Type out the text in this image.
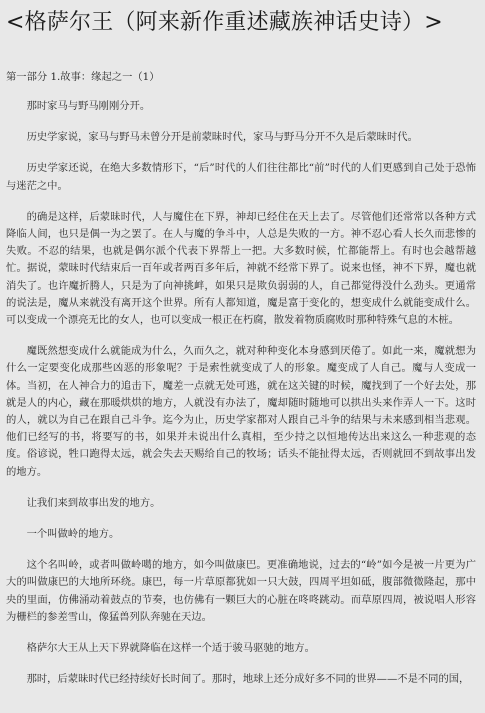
<格萨尔王（阿来新作重述藏族神话史诗）>
第一部分 1.故事：缘起之一（1）

那时家马与野马刚刚分开。

历史学家说，家马与野马未曾分开是前蒙昧时代，家马与野马分开不久是后蒙昧时代。

历史学家还说，在绝大多数情形下，“后”时代的人们往往都比“前”时代的人们更感到自己处于恐怖与迷茫之中。

的确是这样，后蒙昧时代，人与魔住在下界，神却已经住在天上去了。尽管他们还常常以各种方式降临人间，也只是偶一为之罢了。在人与魔的争斗中，人总是失败的一方。神不忍心看人长久而悲惨的失败。不忍的结果，也就是偶尔派个代表下界帮上一把。大多数时候，忙都能帮上。有时也会越帮越忙。据说，蒙昧时代结束后一百年或者两百多年后，神就不经常下界了。说来也怪，神不下界，魔也就消失了。也许魔折腾人，只是为了向神挑衅，如果只是欺负弱弱的人，自己都觉得没什么劲头。更通常的说法是，魔从来就没有离开这个世界。所有人都知道，魔是富于变化的，想变成什么就能变成什么。可以变成一个漂亮无比的女人，也可以变成一根正在朽腐，散发着物质腐败时那种特殊气息的木桩。

魔既然想变成什么就能成为什么，久而久之，就对种种变化本身感到厌倦了。如此一来，魔就想为什么一定要变化成那些凶恶的形象呢？于是索性就变成了人的形象。魔变成了人自己。魔与人变成一体。当初，在人神合力的追击下，魔差一点就无处可逃，就在这关键的时候，魔找到了一个好去处，那就是人的内心，藏在那暖烘烘的地方，人就没有办法了，魔却随时随地可以拱出头来作弄人一下。这时的人，就以为自己在跟自己斗争。迄今为止，历史学家都对人跟自己斗争的结果与未来感到相当悲观。他们已经写的书，将要写的书，如果并未说出什么真相，至少持之以恒地传达出来这么一种悲观的态度。俗谚说，牲口跑得太远，就会失去天赐给自己的牧场；话头不能扯得太远，否则就回不到故事出发的地方。

让我们来到故事出发的地方。

一个叫做岭的地方。

这个名叫岭，或者叫做岭噶的地方，如今叫做康巴。更准确地说，过去的“岭”如今是被一片更为广大的叫做康巴的大地所环绕。康巴，每一片草原都犹如一只大鼓，四周平坦如砥，腹部微微隆起，那中央的里面，仿佛涌动着鼓点的节奏，也仿佛有一颗巨大的心脏在咚咚跳动。而草原四周，被说唱人形容为栅栏的参差雪山，像猛兽列队奔驰在天边。

格萨尔大王从上天下界就降临在这样一个适于骏马驱驰的地方。

那时，后蒙昧时代已经持续好长时间了。那时，地球上还分成好多不同的世界——不是不同的国，
